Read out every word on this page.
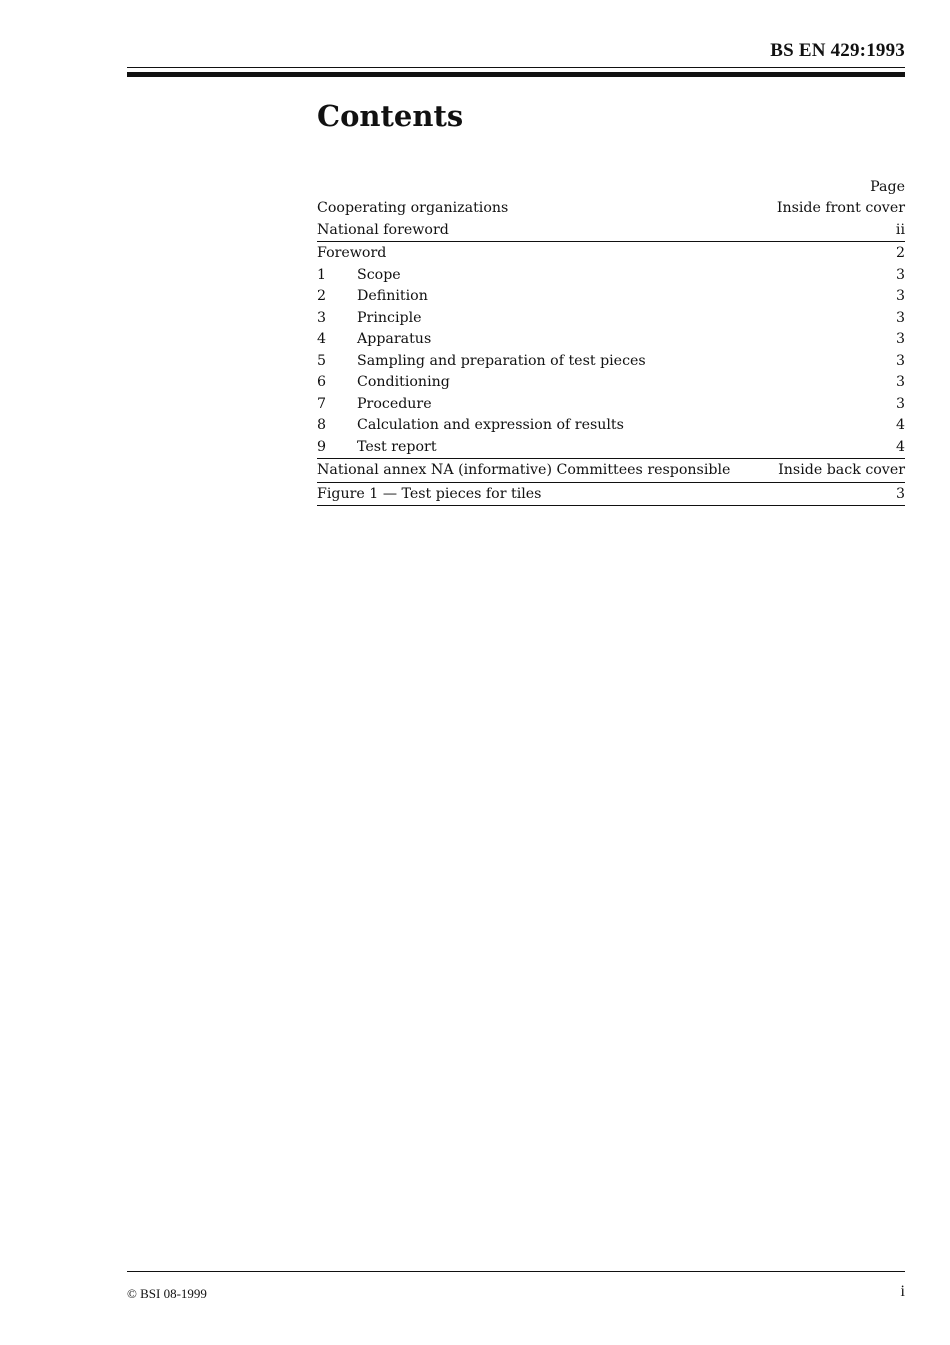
BS EN 429:1993
Contents
Page
Cooperating organizations	Inside front cover
National foreword	ii
Foreword	2
1	Scope	3
2	Definition	3
3	Principle	3
4	Apparatus	3
5	Sampling and preparation of test pieces	3
6	Conditioning	3
7	Procedure	3
8	Calculation and expression of results	4
9	Test report	4
National annex NA (informative) Committees responsible	Inside back cover
Figure 1 — Test pieces for tiles	3
© BSI 08-1999	i
